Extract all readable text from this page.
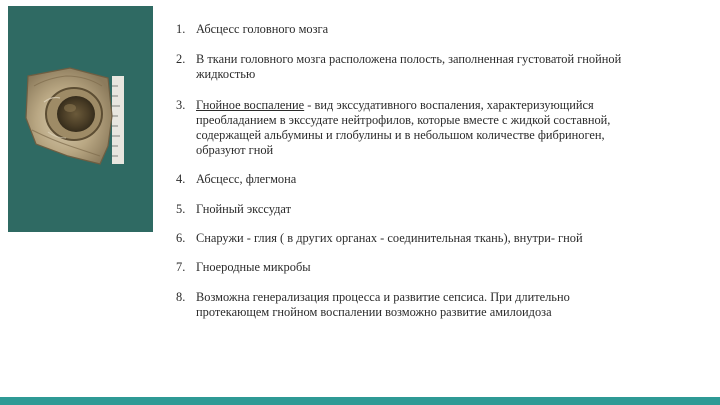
1. Абсцесс головного мозга
2. В ткани головного мозга расположена полость, заполненная густоватой гнойной
жидкостью
3. Гнойное воспаление - вид экссудативного воспаления, характеризующийся
преобладанием в экссудате нейтрофилов, которые вместе с жидкой составной,
содержащей альбумины и глобулины и в небольшом количестве фибриноген,
образуют гной
4. Абсцесс, флегмона
5. Гнойный экссудат
6. Снаружи - глия ( в других органах - соединительная ткань), внутри- гной
7. Гноеродные микробы
8. Возможна генерализация процесса и развитие сепсиса. При длительно
протекающем гнойном воспалении возможно развитие амилоидоза
